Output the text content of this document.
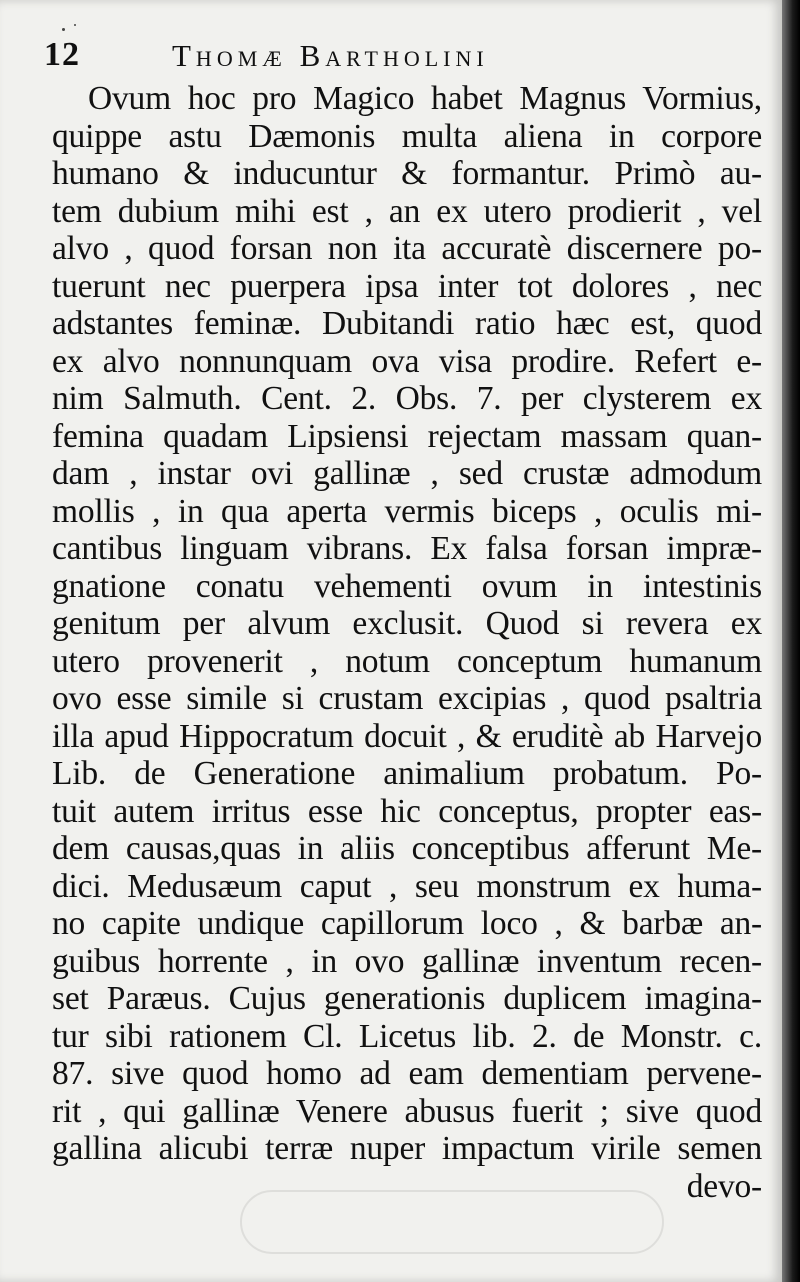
12	Thomæ Bartholini
Ovum hoc pro Magico habet Magnus Vormius,
quippe astu Dæmonis multa aliena in corpore
humano & inducuntur & formantur. Primò au-
tem dubium mihi est , an ex utero prodierit , vel
alvo , quod forsan non ita accuratè discernere po-
tuerunt nec puerpera ipsa inter tot dolores , nec
adstantes feminæ. Dubitandi ratio hæc est, quod
ex alvo nonnunquam ova visa prodire. Refert e-
nim Salmuth. Cent. 2. Obs. 7. per clysterem ex
femina quadam Lipsiensi rejectam massam quan-
dam , instar ovi gallinæ , sed crustæ admodum
mollis , in qua aperta vermis biceps , oculis mi-
cantibus linguam vibrans. Ex falsa forsan impræ-
gnatione conatu vehementi ovum in intestinis
genitum per alvum exclusit. Quod si revera ex
utero provenerit , notum conceptum humanum
ovo esse simile si crustam excipias , quod psaltria
illa apud Hippocratum docuit , & eruditè ab Harvejo
Lib. de Generatione animalium probatum. Po-
tuit autem irritus esse hic conceptus, propter eas-
dem causas,quas in aliis conceptibus afferunt Me-
dici. Medusæum caput , seu monstrum ex huma-
no capite undique capillorum loco , & barbæ an-
guibus horrente , in ovo gallinæ inventum recen-
set Paræus. Cujus generationis duplicem imagina-
tur sibi rationem Cl. Licetus lib. 2. de Monstr. c.
87. sive quod homo ad eam dementiam pervene-
rit , qui gallinæ Venere abusus fuerit ; sive quod
gallina alicubi terræ nuper impactum virile semen
devo-
